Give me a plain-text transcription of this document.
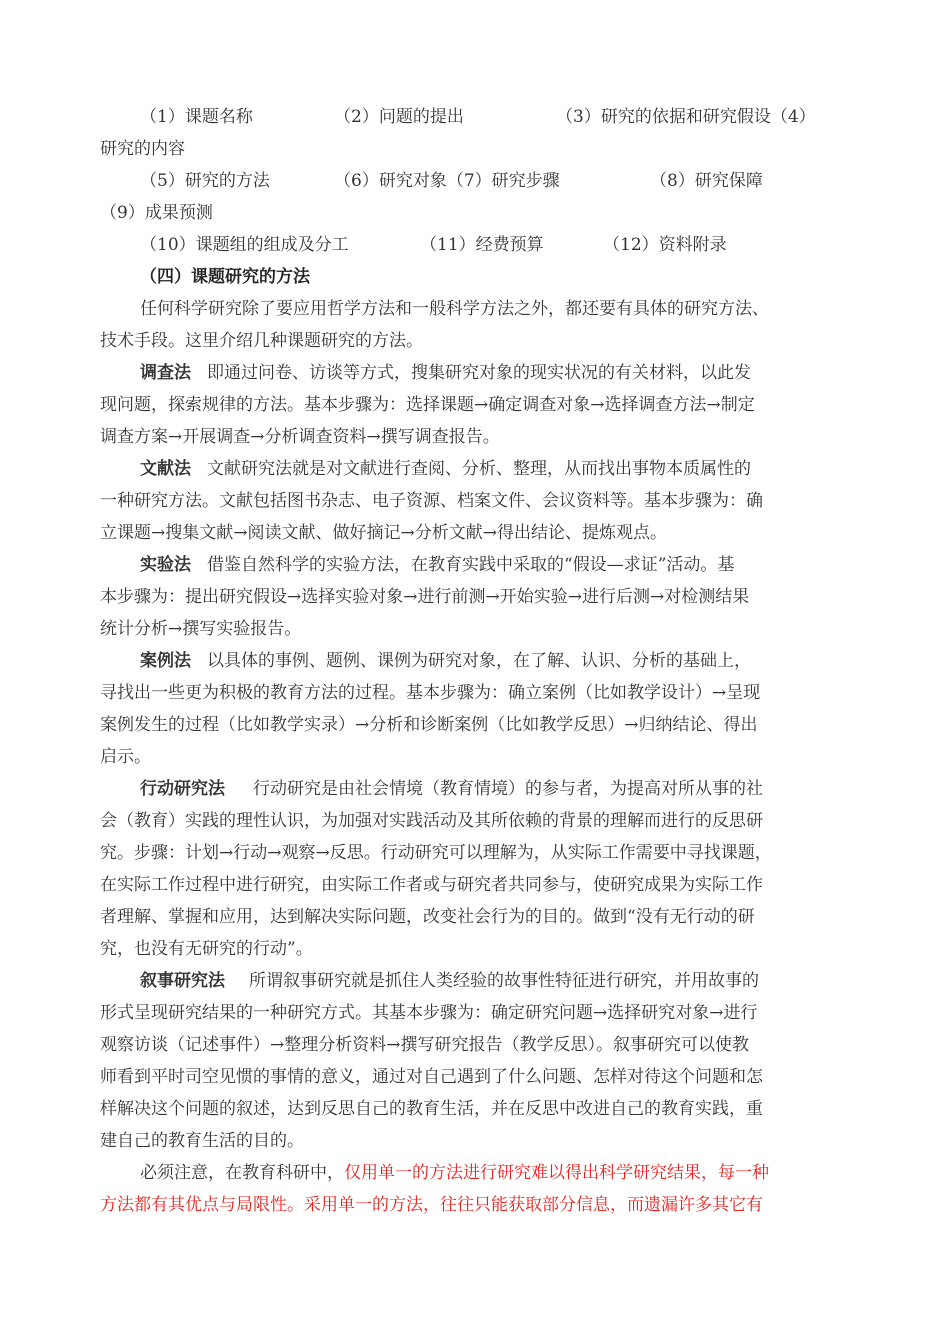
（1）课题名称	（2）问题的提出	（3）研究的依据和研究假设（4）
研究的内容
（5）研究的方法	（6）研究对象（7）研究步骤	（8）研究保障
（9）成果预测
（10）课题组的组成及分工	（11）经费预算	（12）资料附录
（四）课题研究的方法
任何科学研究除了要应用哲学方法和一般科学方法之外，都还要有具体的研究方法、
技术手段。这里介绍几种课题研究的方法。
调查法 即通过问卷、访谈等方式，搜集研究对象的现实状况的有关材料，以此发
现问题，探索规律的方法。基本步骤为：选择课题→确定调查对象→选择调查方法→制定
调查方案→开展调查→分析调查资料→撰写调查报告。
文献法 文献研究法就是对文献进行查阅、分析、整理，从而找出事物本质属性的
一种研究方法。文献包括图书杂志、电子资源、档案文件、会议资料等。基本步骤为：确
立课题→搜集文献→阅读文献、做好摘记→分析文献→得出结论、提炼观点。
实验法 借鉴自然科学的实验方法，在教育实践中采取的“假设—求证”活动。基
本步骤为：提出研究假设→选择实验对象→进行前测→开始实验→进行后测→对检测结果
统计分析→撰写实验报告。
案例法 以具体的事例、题例、课例为研究对象，在了解、认识、分析的基础上，
寻找出一些更为积极的教育方法的过程。基本步骤为：确立案例（比如教学设计）→呈现
案例发生的过程（比如教学实录）→分析和诊断案例（比如教学反思）→归纳结论、得出
启示。
行动研究法 行动研究是由社会情境（教育情境）的参与者，为提高对所从事的社
会（教育）实践的理性认识，为加强对实践活动及其所依赖的背景的理解而进行的反思研
究。步骤：计划→行动→观察→反思。行动研究可以理解为，从实际工作需要中寻找课题，
在实际工作过程中进行研究，由实际工作者或与研究者共同参与，使研究成果为实际工作
者理解、掌握和应用，达到解决实际问题，改变社会行为的目的。做到“没有无行动的研
究，也没有无研究的行动”。
叙事研究法 所谓叙事研究就是抓住人类经验的故事性特征进行研究，并用故事的
形式呈现研究结果的一种研究方式。其基本步骤为：确定研究问题→选择研究对象→进行
观察访谈（记述事件）→整理分析资料→撰写研究报告（教学反思）。叙事研究可以使教
师看到平时司空见惯的事情的意义，通过对自己遇到了什么问题、怎样对待这个问题和怎
样解决这个问题的叙述，达到反思自己的教育生活，并在反思中改进自己的教育实践，重
建自己的教育生活的目的。
必须注意，在教育科研中，仅用单一的方法进行研究难以得出科学研究结果，每一种
方法都有其优点与局限性。采用单一的方法，往往只能获取部分信息，而遗漏许多其它有
